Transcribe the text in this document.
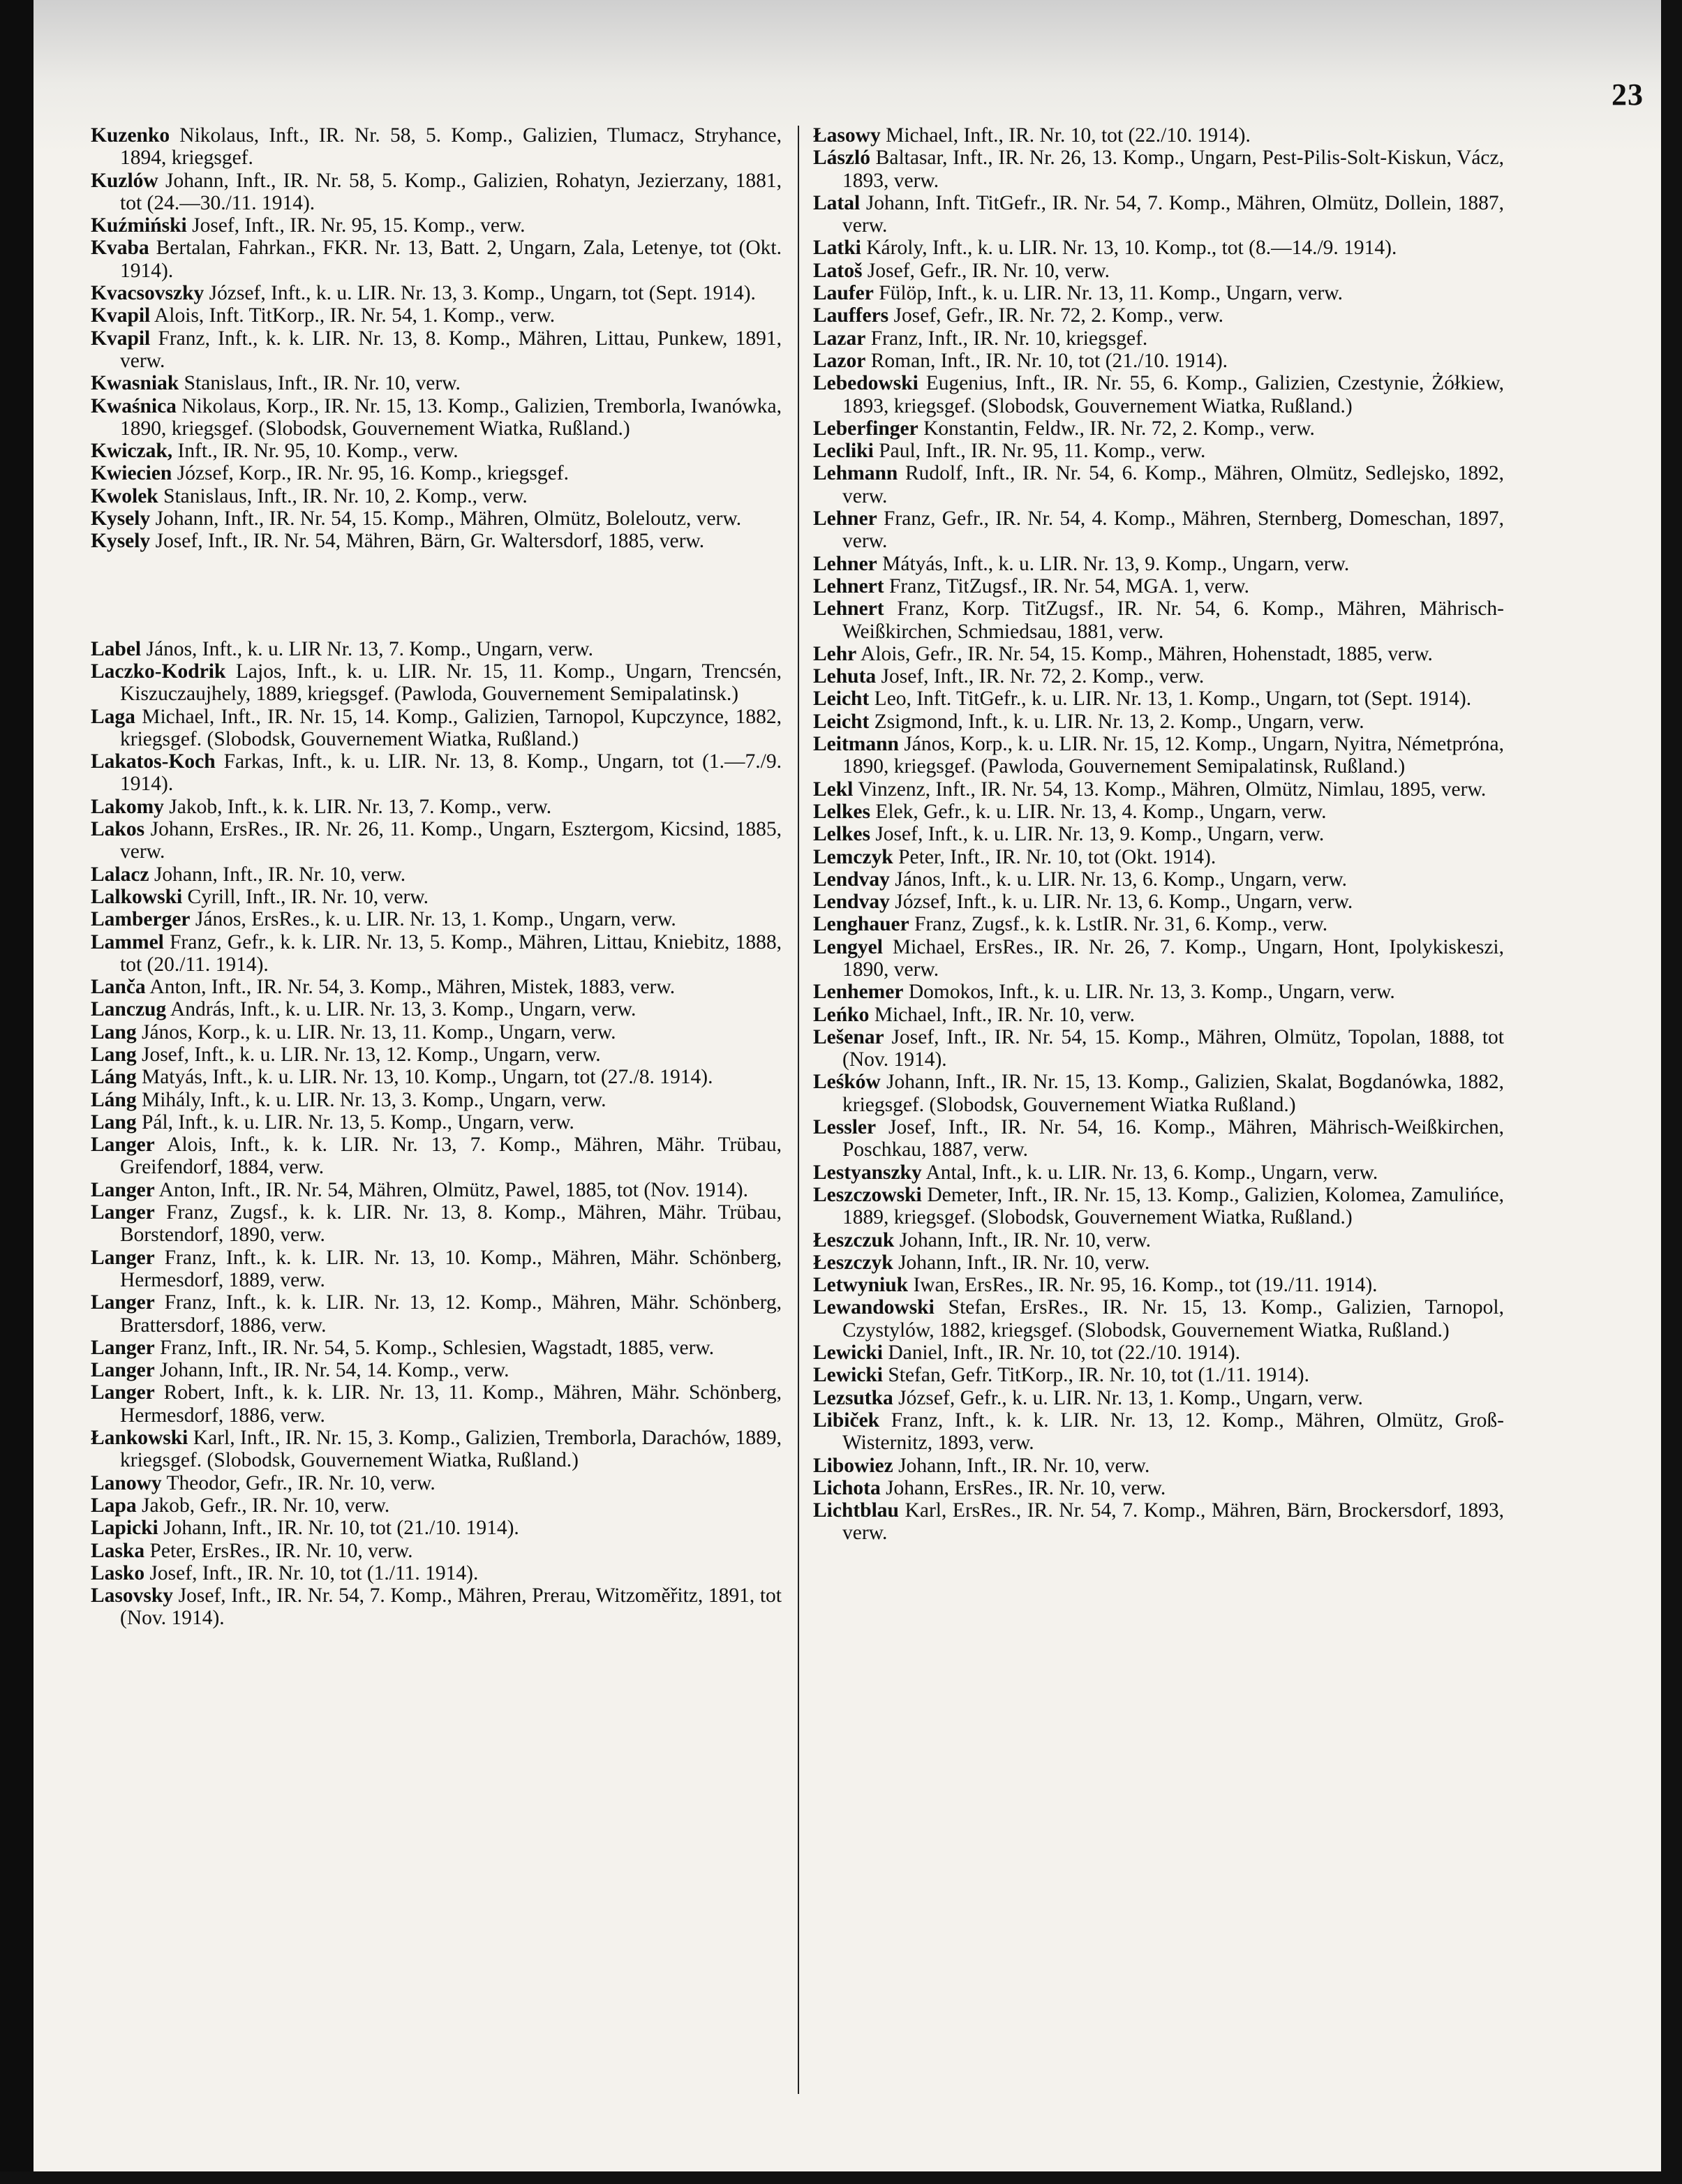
23

Kuzenko Nikolaus, Inft., IR. Nr. 58, 5. Komp., Galizien, Tlumacz, Stryhance, 1894, kriegsgef.

Kuzlów Johann, Inft., IR. Nr. 58, 5. Komp., Galizien, Rohatyn, Jezierzany, 1881, tot (24.—30./11. 1914).

Kuźmiński Josef, Inft., IR. Nr. 95, 15. Komp., verw.

Kvaba Bertalan, Fahrkan., FKR. Nr. 13, Batt. 2, Ungarn, Zala, Letenye, tot (Okt. 1914).

Kvacsovszky József, Inft., k. u. LIR. Nr. 13, 3. Komp., Ungarn, tot (Sept. 1914).

Kvapil Alois, Inft. TitKorp., IR. Nr. 54, 1. Komp., verw.

Kvapil Franz, Inft., k. k. LIR. Nr. 13, 8. Komp., Mähren, Littau, Punkew, 1891, verw.

Kwasniak Stanislaus, Inft., IR. Nr. 10, verw.

Kwaśnica Nikolaus, Korp., IR. Nr. 15, 13. Komp., Galizien, Tremborla, Iwanówka, 1890, kriegsgef. (Slobodsk, Gouvernement Wiatka, Rußland.)

Kwiczak, Inft., IR. Nr. 95, 10. Komp., verw.

Kwiecien József, Korp., IR. Nr. 95, 16. Komp., kriegsgef.

Kwolek Stanislaus, Inft., IR. Nr. 10, 2. Komp., verw.

Kysely Johann, Inft., IR. Nr. 54, 15. Komp., Mähren, Olmütz, Boleloutz, verw.

Kysely Josef, Inft., IR. Nr. 54, Mähren, Bärn, Gr. Waltersdorf, 1885, verw.

Label János, Inft., k. u. LIR Nr. 13, 7. Komp., Ungarn, verw.

Laczko-Kodrik Lajos, Inft., k. u. LIR. Nr. 15, 11. Komp., Ungarn, Trencsén, Kiszuczaujhely, 1889, kriegsgef. (Pawloda, Gouvernement Semipalatinsk.)

Laga Michael, Inft., IR. Nr. 15, 14. Komp., Galizien, Tarnopol, Kupczynce, 1882, kriegsgef. (Slobodsk, Gouvernement Wiatka, Rußland.)

Lakatos-Koch Farkas, Inft., k. u. LIR. Nr. 13, 8. Komp., Ungarn, tot (1.—7./9. 1914).

Lakomy Jakob, Inft., k. k. LIR. Nr. 13, 7. Komp., verw.

Lakos Johann, ErsRes., IR. Nr. 26, 11. Komp., Ungarn, Esztergom, Kicsind, 1885, verw.

Lalacz Johann, Inft., IR. Nr. 10, verw.

Lalkowski Cyrill, Inft., IR. Nr. 10, verw.

Lamberger János, ErsRes., k. u. LIR. Nr. 13, 1. Komp., Ungarn, verw.

Lammel Franz, Gefr., k. k. LIR. Nr. 13, 5. Komp., Mähren, Littau, Kniebitz, 1888, tot (20./11. 1914).

Lanča Anton, Inft., IR. Nr. 54, 3. Komp., Mähren, Mistek, 1883, verw.

Lanczug András, Inft., k. u. LIR. Nr. 13, 3. Komp., Ungarn, verw.

Lang János, Korp., k. u. LIR. Nr. 13, 11. Komp., Ungarn, verw.

Lang Josef, Inft., k. u. LIR. Nr. 13, 12. Komp., Ungarn, verw.

Láng Matyás, Inft., k. u. LIR. Nr. 13, 10. Komp., Ungarn, tot (27./8. 1914).

Láng Mihály, Inft., k. u. LIR. Nr. 13, 3. Komp., Ungarn, verw.

Lang Pál, Inft., k. u. LIR. Nr. 13, 5. Komp., Ungarn, verw.

Langer Alois, Inft., k. k. LIR. Nr. 13, 7. Komp., Mähren, Mähr. Trübau, Greifendorf, 1884, verw.

Langer Anton, Inft., IR. Nr. 54, Mähren, Olmütz, Pawel, 1885, tot (Nov. 1914).

Langer Franz, Zugsf., k. k. LIR. Nr. 13, 8. Komp., Mähren, Mähr. Trübau, Borstendorf, 1890, verw.

Langer Franz, Inft., k. k. LIR. Nr. 13, 10. Komp., Mähren, Mähr. Schönberg, Hermesdorf, 1889, verw.

Langer Franz, Inft., k. k. LIR. Nr. 13, 12. Komp., Mähren, Mähr. Schönberg, Brattersdorf, 1886, verw.

Langer Franz, Inft., IR. Nr. 54, 5. Komp., Schlesien, Wagstadt, 1885, verw.

Langer Johann, Inft., IR. Nr. 54, 14. Komp., verw.

Langer Robert, Inft., k. k. LIR. Nr. 13, 11. Komp., Mähren, Mähr. Schönberg, Hermesdorf, 1886, verw.

Łankowski Karl, Inft., IR. Nr. 15, 3. Komp., Galizien, Tremborla, Darachów, 1889, kriegsgef. (Slobodsk, Gouvernement Wiatka, Rußland.)

Lanowy Theodor, Gefr., IR. Nr. 10, verw.

Lapa Jakob, Gefr., IR. Nr. 10, verw.

Lapicki Johann, Inft., IR. Nr. 10, tot (21./10. 1914).

Laska Peter, ErsRes., IR. Nr. 10, verw.

Lasko Josef, Inft., IR. Nr. 10, tot (1./11. 1914).

Lasovsky Josef, Inft., IR. Nr. 54, 7. Komp., Mähren, Prerau, Witzoměřitz, 1891, tot (Nov. 1914).

Łasowy Michael, Inft., IR. Nr. 10, tot (22./10. 1914).

László Baltasar, Inft., IR. Nr. 26, 13. Komp., Ungarn, Pest-Pilis-Solt-Kiskun, Vácz, 1893, verw.

Latal Johann, Inft. TitGefr., IR. Nr. 54, 7. Komp., Mähren, Olmütz, Dollein, 1887, verw.

Latki Károly, Inft., k. u. LIR. Nr. 13, 10. Komp., tot (8.—14./9. 1914).

Latoš Josef, Gefr., IR. Nr. 10, verw.

Laufer Fülöp, Inft., k. u. LIR. Nr. 13, 11. Komp., Ungarn, verw.

Lauffers Josef, Gefr., IR. Nr. 72, 2. Komp., verw.

Lazar Franz, Inft., IR. Nr. 10, kriegsgef.

Lazor Roman, Inft., IR. Nr. 10, tot (21./10. 1914).

Lebedowski Eugenius, Inft., IR. Nr. 55, 6. Komp., Galizien, Czestynie, Żółkiew, 1893, kriegsgef. (Slobodsk, Gouvernement Wiatka, Rußland.)

Leberfinger Konstantin, Feldw., IR. Nr. 72, 2. Komp., verw.

Lecliki Paul, Inft., IR. Nr. 95, 11. Komp., verw.

Lehmann Rudolf, Inft., IR. Nr. 54, 6. Komp., Mähren, Olmütz, Sedlejsko, 1892, verw.

Lehner Franz, Gefr., IR. Nr. 54, 4. Komp., Mähren, Sternberg, Domeschan, 1897, verw.

Lehner Mátyás, Inft., k. u. LIR. Nr. 13, 9. Komp., Ungarn, verw.

Lehnert Franz, TitZugsf., IR. Nr. 54, MGA. 1, verw.

Lehnert Franz, Korp. TitZugsf., IR. Nr. 54, 6. Komp., Mähren, Mährisch-Weißkirchen, Schmiedsau, 1881, verw.

Lehr Alois, Gefr., IR. Nr. 54, 15. Komp., Mähren, Hohenstadt, 1885, verw.

Lehuta Josef, Inft., IR. Nr. 72, 2. Komp., verw.

Leicht Leo, Inft. TitGefr., k. u. LIR. Nr. 13, 1. Komp., Ungarn, tot (Sept. 1914).

Leicht Zsigmond, Inft., k. u. LIR. Nr. 13, 2. Komp., Ungarn, verw.

Leitmann János, Korp., k. u. LIR. Nr. 15, 12. Komp., Ungarn, Nyitra, Németpróna, 1890, kriegsgef. (Pawloda, Gouvernement Semipalatinsk, Rußland.)

Lekl Vinzenz, Inft., IR. Nr. 54, 13. Komp., Mähren, Olmütz, Nimlau, 1895, verw.

Lelkes Elek, Gefr., k. u. LIR. Nr. 13, 4. Komp., Ungarn, verw.

Lelkes Josef, Inft., k. u. LIR. Nr. 13, 9. Komp., Ungarn, verw.

Lemczyk Peter, Inft., IR. Nr. 10, tot (Okt. 1914).

Lendvay János, Inft., k. u. LIR. Nr. 13, 6. Komp., Ungarn, verw.

Lendvay József, Inft., k. u. LIR. Nr. 13, 6. Komp., Ungarn, verw.

Lenghauer Franz, Zugsf., k. k. LstIR. Nr. 31, 6. Komp., verw.

Lengyel Michael, ErsRes., IR. Nr. 26, 7. Komp., Ungarn, Hont, Ipolykiskeszi, 1890, verw.

Lenhemer Domokos, Inft., k. u. LIR. Nr. 13, 3. Komp., Ungarn, verw.

Leńko Michael, Inft., IR. Nr. 10, verw.

Lešenar Josef, Inft., IR. Nr. 54, 15. Komp., Mähren, Olmütz, Topolan, 1888, tot (Nov. 1914).

Leśków Johann, Inft., IR. Nr. 15, 13. Komp., Galizien, Skalat, Bogdanówka, 1882, kriegsgef. (Slobodsk, Gouvernement Wiatka Rußland.)

Lessler Josef, Inft., IR. Nr. 54, 16. Komp., Mähren, Mährisch-Weißkirchen, Poschkau, 1887, verw.

Lestyanszky Antal, Inft., k. u. LIR. Nr. 13, 6. Komp., Ungarn, verw.

Leszczowski Demeter, Inft., IR. Nr. 15, 13. Komp., Galizien, Kolomea, Zamulińce, 1889, kriegsgef. (Slobodsk, Gouvernement Wiatka, Rußland.)

Łeszczuk Johann, Inft., IR. Nr. 10, verw.

Łeszczyk Johann, Inft., IR. Nr. 10, verw.

Letwyniuk Iwan, ErsRes., IR. Nr. 95, 16. Komp., tot (19./11. 1914).

Lewandowski Stefan, ErsRes., IR. Nr. 15, 13. Komp., Galizien, Tarnopol, Czystylów, 1882, kriegsgef. (Slobodsk, Gouvernement Wiatka, Rußland.)

Lewicki Daniel, Inft., IR. Nr. 10, tot (22./10. 1914).

Lewicki Stefan, Gefr. TitKorp., IR. Nr. 10, tot (1./11. 1914).

Lezsutka József, Gefr., k. u. LIR. Nr. 13, 1. Komp., Ungarn, verw.

Libiček Franz, Inft., k. k. LIR. Nr. 13, 12. Komp., Mähren, Olmütz, Groß-Wisternitz, 1893, verw.

Libowiez Johann, Inft., IR. Nr. 10, verw.

Lichota Johann, ErsRes., IR. Nr. 10, verw.

Lichtblau Karl, ErsRes., IR. Nr. 54, 7. Komp., Mähren, Bärn, Brockersdorf, 1893, verw.
